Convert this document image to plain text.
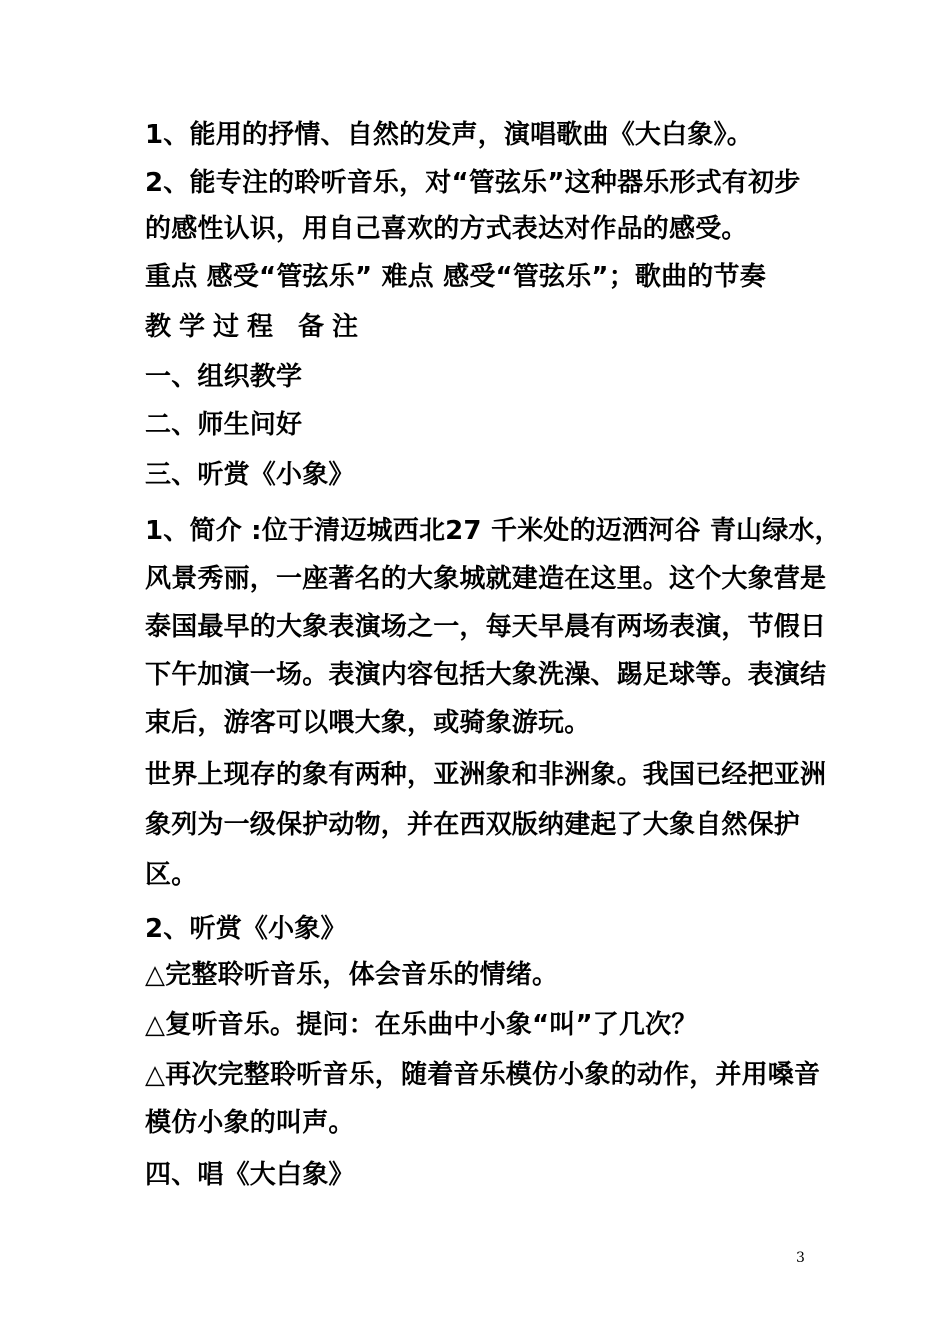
1、能用的抒情、自然的发声，演唱歌曲《大白象》。
2、能专注的聆听音乐，对“管弦乐”这种器乐形式有初步
的感性认识，用自己喜欢的方式表达对作品的感受。
重点 感受“管弦乐” 难点 感受“管弦乐”；歌曲的节奏
教学过程 备注
一、组织教学
二、师生问好
三、听赏《小象》
1、简介 :位于清迈城西北27 千米处的迈洒河谷 青山绿水，
风景秀丽，一座著名的大象城就建造在这里。这个大象营是
泰国最早的大象表演场之一，每天早晨有两场表演，节假日
下午加演一场。表演内容包括大象洗澡、踢足球等。表演结
束后，游客可以喂大象，或骑象游玩。
世界上现存的象有两种，亚洲象和非洲象。我国已经把亚洲
象列为一级保护动物，并在西双版纳建起了大象自然保护
区。
2、听赏《小象》
△完整聆听音乐，体会音乐的情绪。
△复听音乐。提问：在乐曲中小象“叫”了几次？
△再次完整聆听音乐，随着音乐模仿小象的动作，并用嗓音
模仿小象的叫声。
四、唱《大白象》
3
